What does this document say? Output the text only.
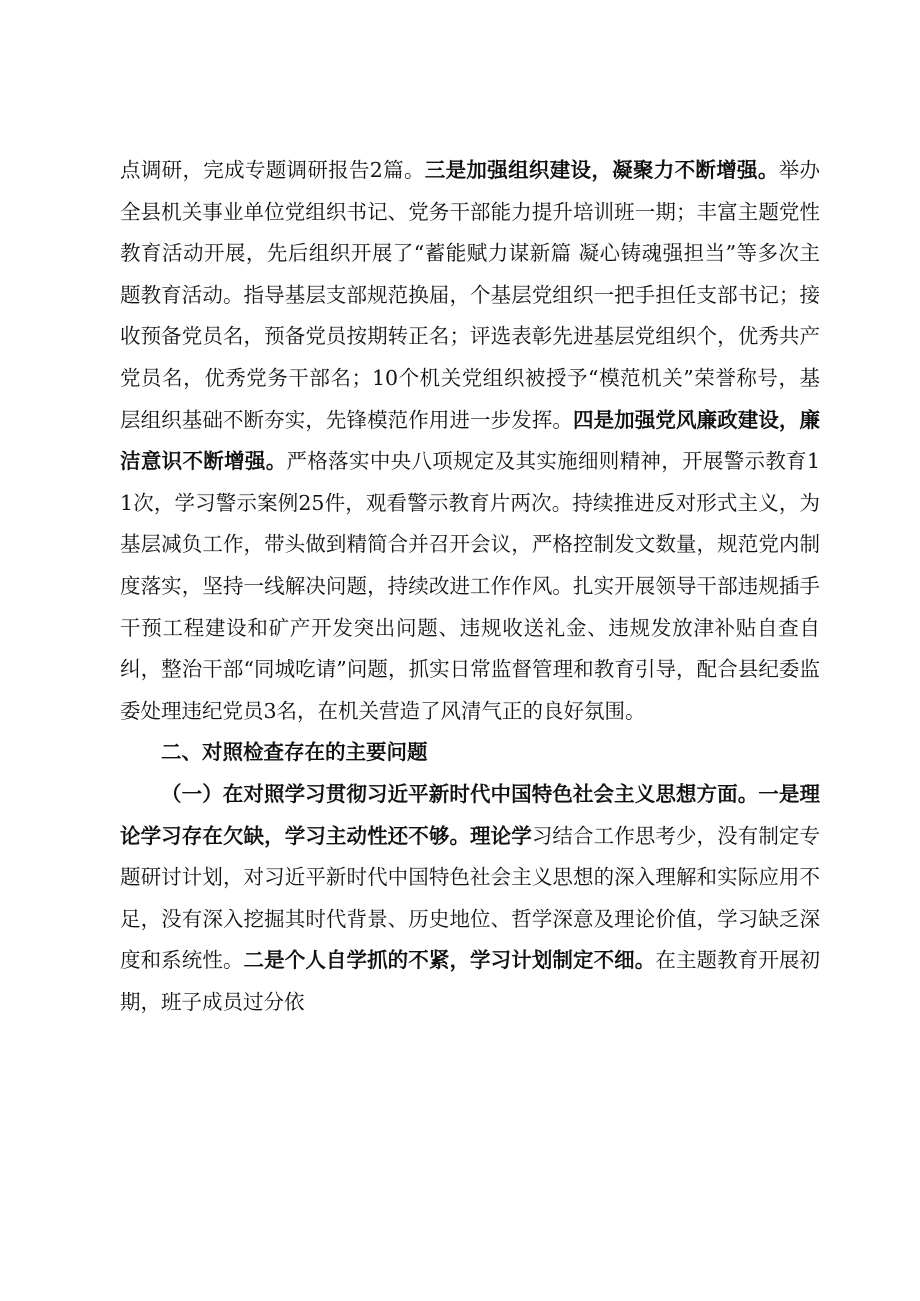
点调研，完成专题调研报告2篇。三是加强组织建设，凝聚力不断增强。举办全县机关事业单位党组织书记、党务干部能力提升培训班一期；丰富主题党性教育活动开展，先后组织开展了“蓄能赋力谋新篇 凝心铸魂强担当”等多次主题教育活动。指导基层支部规范换届，个基层党组织一把手担任支部书记；接收预备党员名，预备党员按期转正名；评选表彰先进基层党组织个，优秀共产党员名，优秀党务干部名；10个机关党组织被授予“模范机关”荣誉称号，基层组织基础不断夯实，先锋模范作用进一步发挥。四是加强党风廉政建设，廉洁意识不断增强。严格落实中央八项规定及其实施细则精神，开展警示教育11次，学习警示案例25件，观看警示教育片两次。持续推进反对形式主义，为基层减负工作，带头做到精简合并召开会议，严格控制发文数量，规范党内制度落实，坚持一线解决问题，持续改进工作作风。扎实开展领导干部违规插手干预工程建设和矿产开发突出问题、违规收送礼金、违规发放津补贴自查自纠，整治干部“同城吃请”问题，抓实日常监督管理和教育引导，配合县纪委监委处理违纪党员3名，在机关营造了风清气正的良好氛围。

二、对照检查存在的主要问题

（一）在对照学习贯彻习近平新时代中国特色社会主义思想方面。一是理论学习存在欠缺，学习主动性还不够。理论学习结合工作思考少，没有制定专题研讨计划，对习近平新时代中国特色社会主义思想的深入理解和实际应用不足，没有深入挖掘其时代背景、历史地位、哲学深意及理论价值，学习缺乏深度和系统性。二是个人自学抓的不紧，学习计划制定不细。在主题教育开展初期，班子成员过分依
